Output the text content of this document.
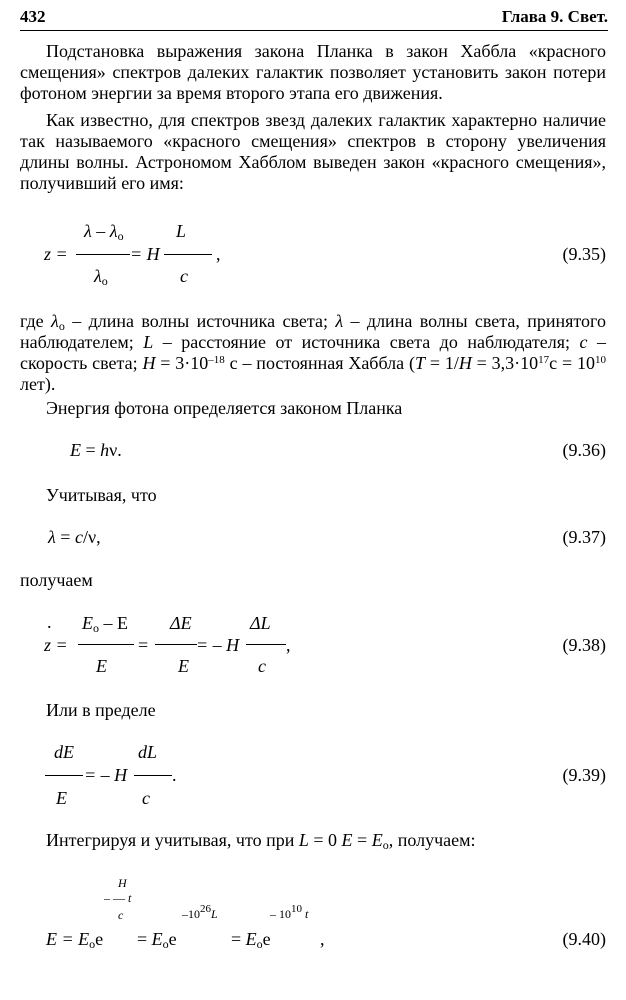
432	Глава 9. Свет.
Подстановка выражения закона Планка в закон Хаббла «красного смещения» спектров далеких галактик позволяет установить закон потери фотоном энергии за время второго этапа его движения.
Как известно, для спектров звезд далеких галактик характерно наличие так называемого «красного смещения» спектров в сторону увеличения длины волны. Астрономом Хабблом выведен закон «красного смещения», получивший его имя:
z =
λ – $\lambda_o$
$\lambda_o$
= H
L
c
,	(9.35)
где $\lambda_o$ – длина волны источника света; λ – длина волны света, принятого наблюдателем; L – расстояние от источника света до наблюдателя; c – скорость света; $H = 3\cdot 10^{-18}$ с – постоянная Хаббла ($T = 1/H = 3,3\cdot 10^{17}с = 10^{10}$ лет).
Энергия фотона определяется законом Планка
E = hν.	(9.36)
Учитывая, что
λ = c/ν,	(9.37)
получаем
.
z =
$E_o$ – E
E
=
ΔE
E
= – H
ΔL
c
,	(9.38)
Или в пределе
dE
E
= – H
dL
c
.	(9.39)
Интегрируя и учитывая, что при L = 0 $E = E_o$, получаем:
H
– — t
c	$-10^{26}L$	– $10^{10}$ t
$E = E_oe = E_oe$	= $E_oe$	,	(9.40)
